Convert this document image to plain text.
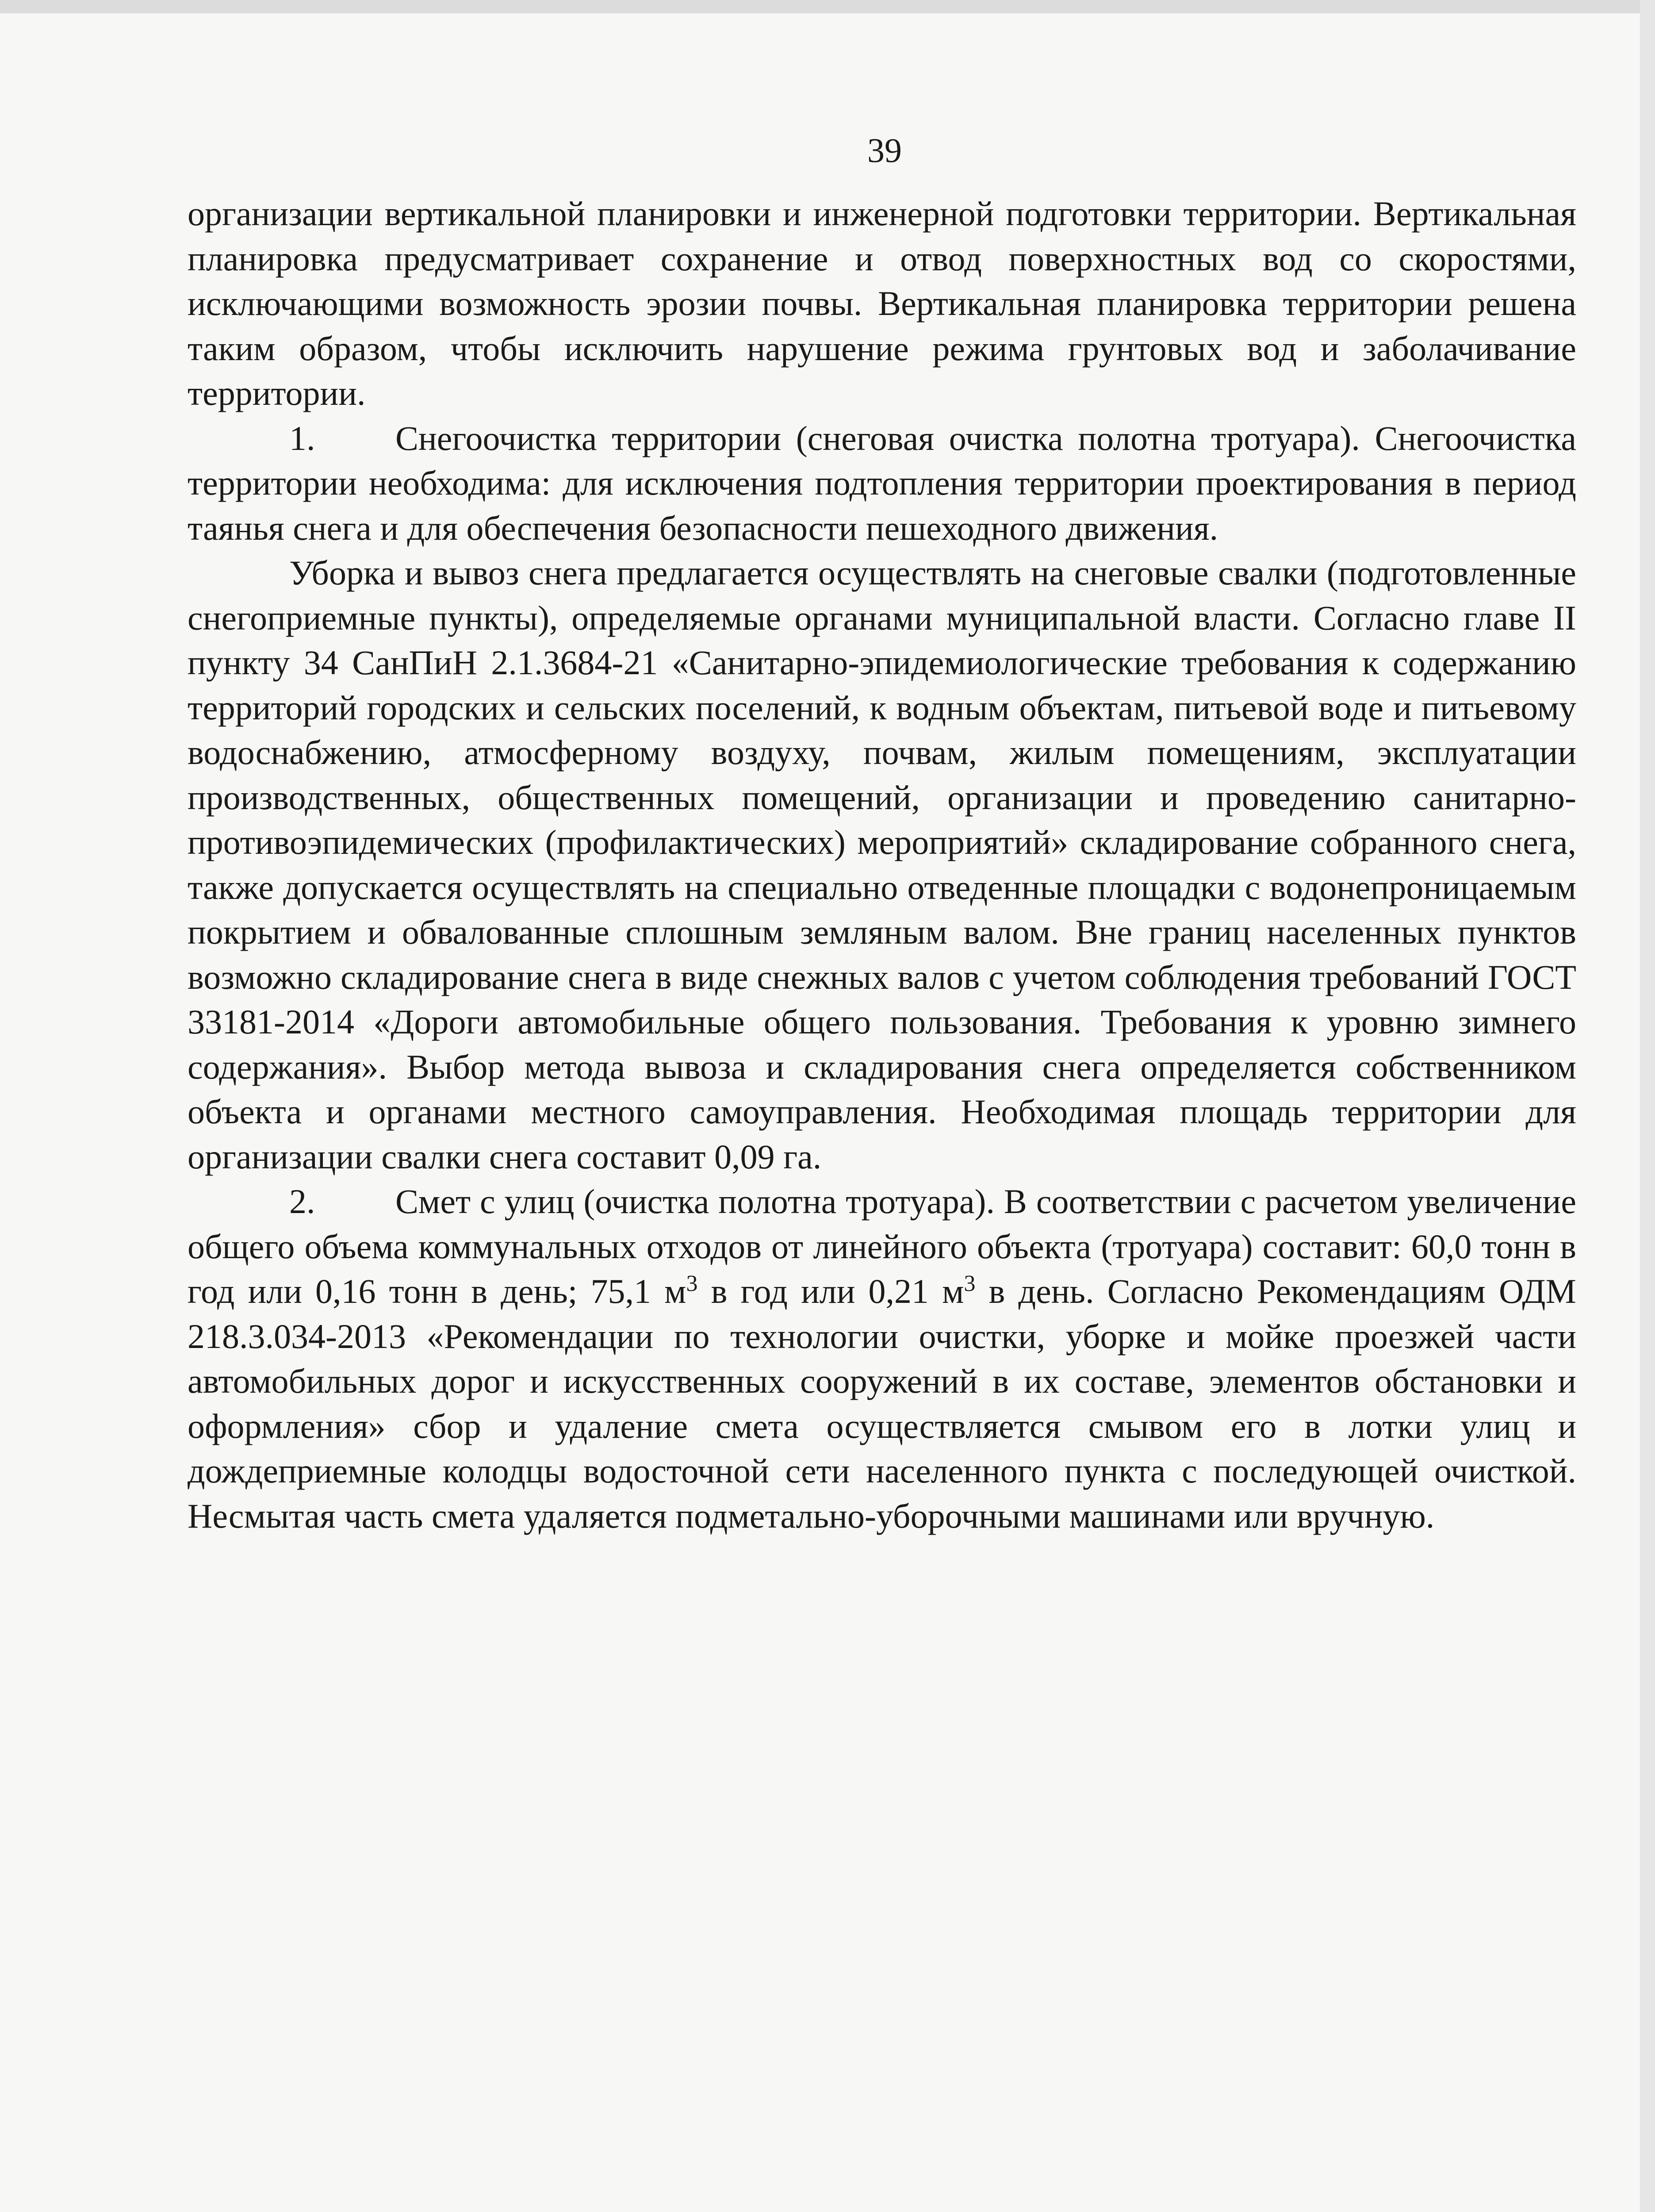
39

организации вертикальной планировки и инженерной подготовки территории. Вертикальная планировка предусматривает сохранение и отвод поверхностных вод со скоростями, исключающими возможность эрозии почвы. Вертикальная планировка территории решена таким образом, чтобы исключить нарушение режима грунтовых вод и заболачивание территории.

1. Снегоочистка территории (снеговая очистка полотна тротуара). Снегоочистка территории необходима: для исключения подтопления территории проектирования в период таянья снега и для обеспечения безопасности пешеходного движения.

Уборка и вывоз снега предлагается осуществлять на снеговые свалки (подготовленные снегоприемные пункты), определяемые органами муниципальной власти. Согласно главе II пункту 34 СанПиН 2.1.3684-21 «Санитарно-эпидемиологические требования к содержанию территорий городских и сельских поселений, к водным объектам, питьевой воде и питьевому водоснабжению, атмосферному воздуху, почвам, жилым помещениям, эксплуатации производственных, общественных помещений, организации и проведению санитарно-противоэпидемических (профилактических) мероприятий» складирование собранного снега, также допускается осуществлять на специально отведенные площадки с водонепроницаемым покрытием и обвалованные сплошным земляным валом. Вне границ населенных пунктов возможно складирование снега в виде снежных валов с учетом соблюдения требований ГОСТ 33181-2014 «Дороги автомобильные общего пользования. Требования к уровню зимнего содержания». Выбор метода вывоза и складирования снега определяется собственником объекта и органами местного самоуправления. Необходимая площадь территории для организации свалки снега составит 0,09 га.

2. Смет с улиц (очистка полотна тротуара). В соответствии с расчетом увеличение общего объема коммунальных отходов от линейного объекта (тротуара) составит: 60,0 тонн в год или 0,16 тонн в день; 75,1 $м^3$ в год или 0,21 $м^3$ в день. Согласно Рекомендациям ОДМ 218.3.034-2013 «Рекомендации по технологии очистки, уборке и мойке проезжей части автомобильных дорог и искусственных сооружений в их составе, элементов обстановки и оформления» сбор и удаление смета осуществляется смывом его в лотки улиц и дождеприемные колодцы водосточной сети населенного пункта с последующей очисткой. Несмытая часть смета удаляется подметально-уборочными машинами или вручную.
